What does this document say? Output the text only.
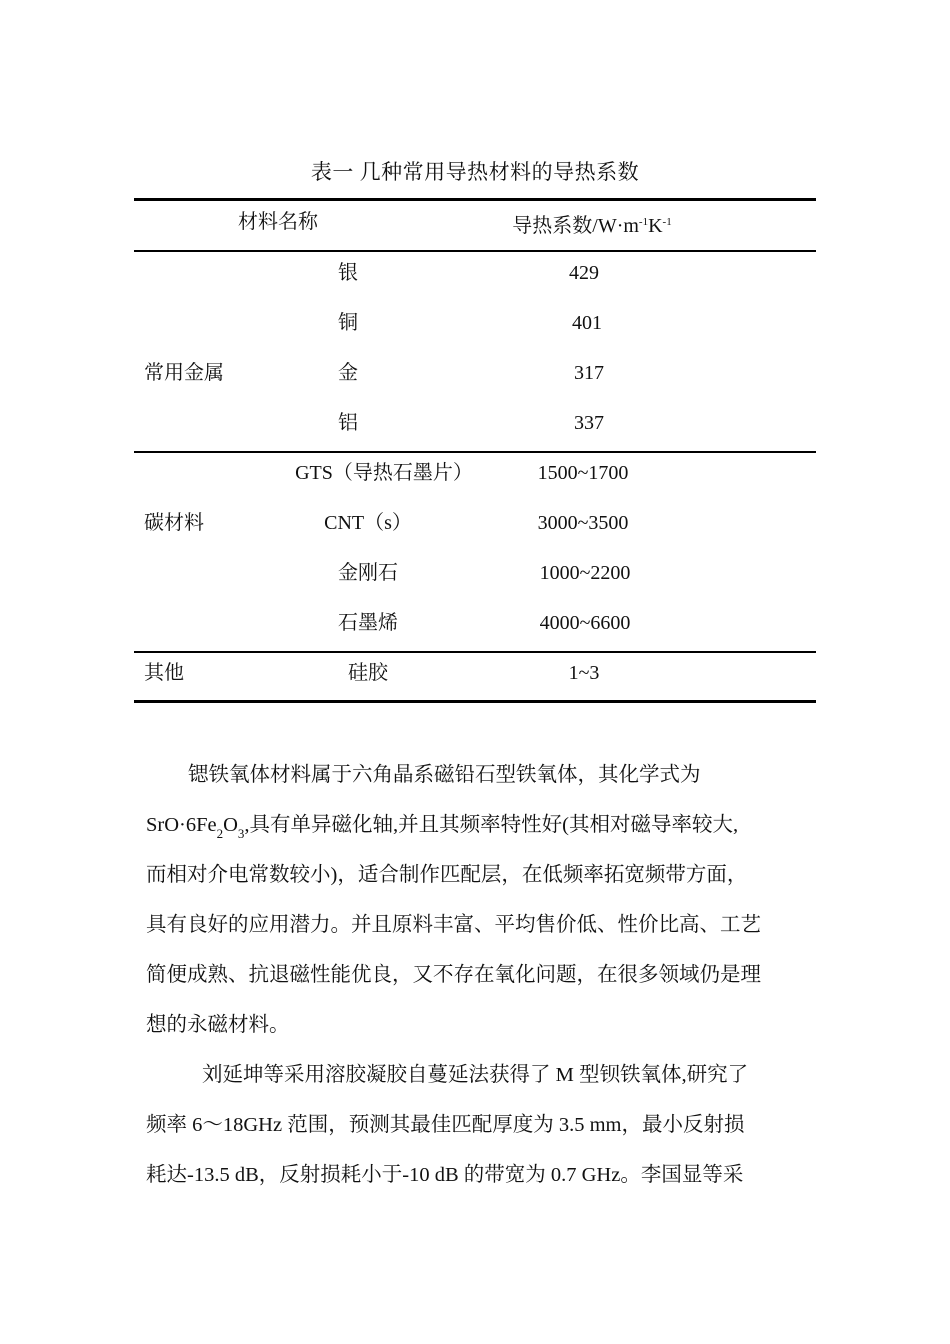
表一 几种常用导热材料的导热系数
材料名称	导热系数$/W\cdot m^{-1}K^{-1}$
常用金属
银	429
铜	401
金	317
铝	337
碳材料
GTS（导热石墨片）	1500~1700
CNT（s）	3000~3500
金刚石	1000~2200
石墨烯	4000~6600
其他	硅胶	1~3
锶铁氧体材料属于六角晶系磁铅石型铁氧体，其化学式为
$SrO\cdot 6Fe_2O_3$,具有单异磁化轴,并且其频率特性好(其相对磁导率较大,
而相对介电常数较小)，适合制作匹配层，在低频率拓宽频带方面，
具有良好的应用潜力。并且原料丰富、平均售价低、性价比高、工艺
简便成熟、抗退磁性能优良，又不存在氧化问题，在很多领域仍是理
想的永磁材料。
刘延坤等采用溶胶凝胶自蔓延法获得了 M 型钡铁氧体,研究了
频率 6～18GHz 范围，预测其最佳匹配厚度为 3.5 mm，最小反射损
耗达-13.5 dB，反射损耗小于-10 dB 的带宽为 0.7 GHz。李国显等采
